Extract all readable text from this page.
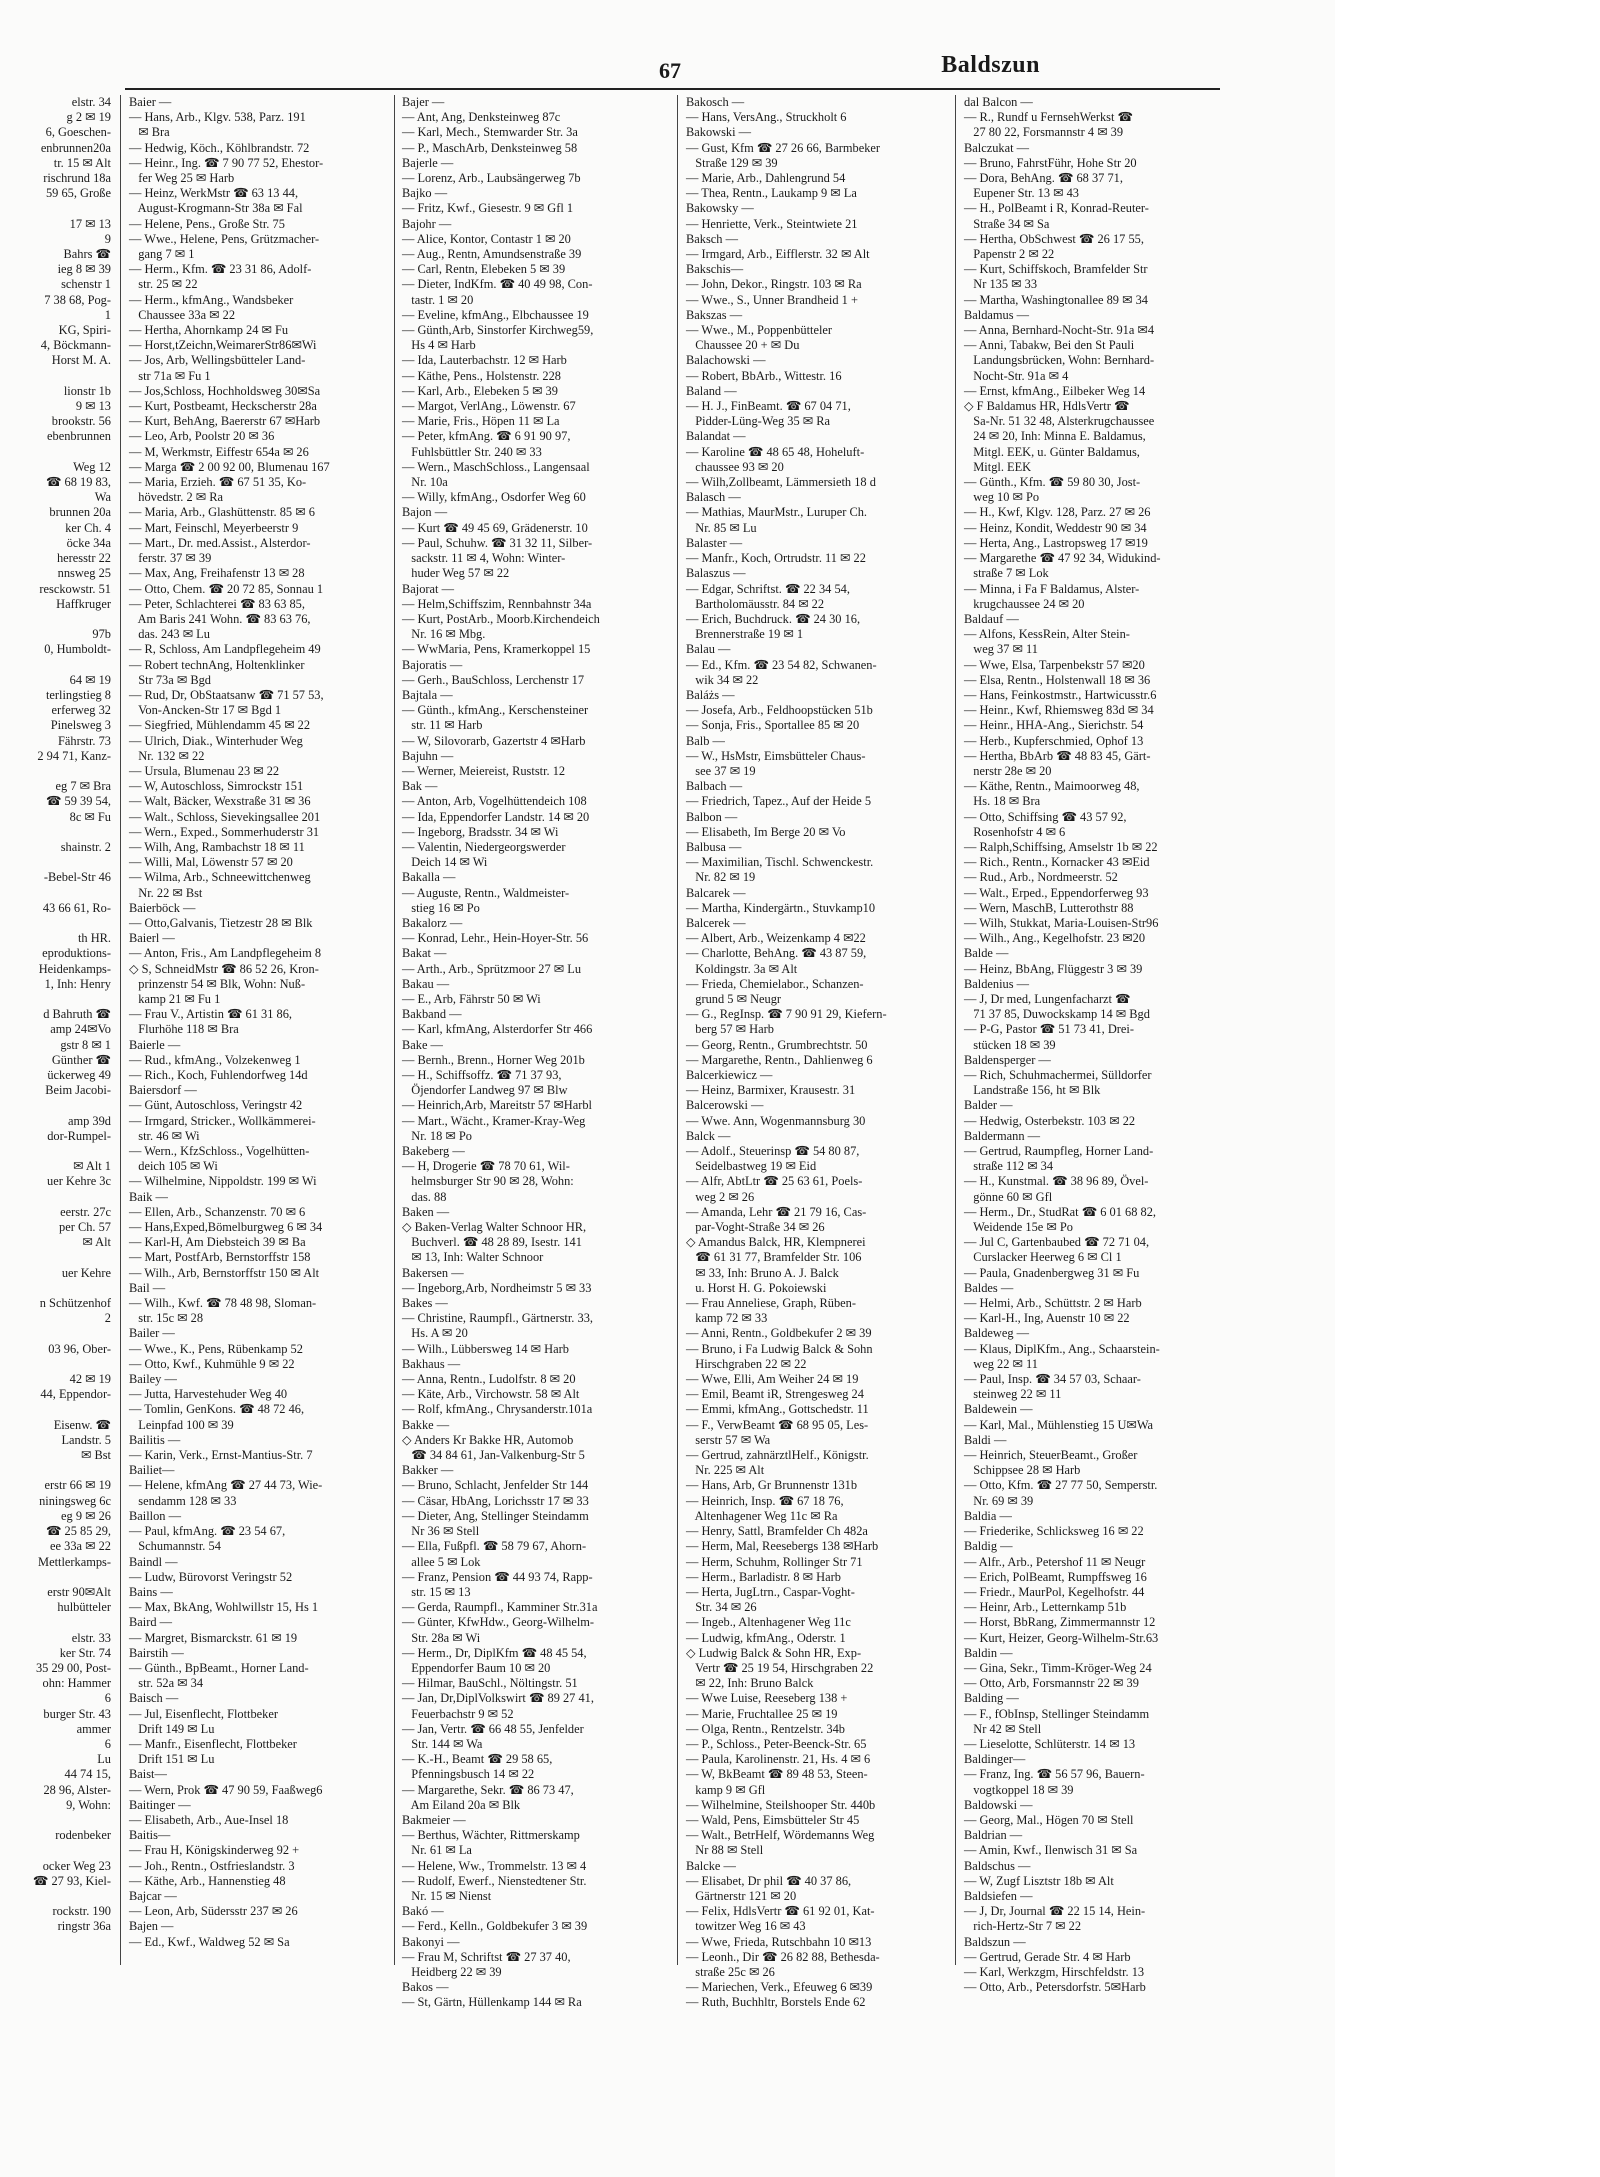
67	Baldszun
elstr. 34
g 2 ✉ 19
6, Goeschen-
enbrunnen20a
tr. 15 ✉ Alt
rischrund 18a
59 65, Große

17 ✉ 13
9
Bahrs ☎
ieg 8 ✉ 39
schenstr 1
7 38 68, Pog-
1
KG, Spiri-
4, Böckmann-
Horst M. A.

lionstr 1b
9 ✉ 13
brookstr. 56
ebenbrunnen

Weg 12
☎ 68 19 83,
Wa
brunnen 20a
ker Ch. 4
öcke 34a
heresstr 22
nnsweg 25
resckowstr. 51
Haffkruger

97b
0, Humboldt-

64 ✉ 19
terlingstieg 8
erferweg 32
Pinelsweg 3
Fährstr. 73
2 94 71, Kanz-

eg 7 ✉ Bra
☎ 59 39 54,
8c ✉ Fu

shainstr. 2

-Bebel-Str 46

43 66 61, Ro-

th HR.
eproduktions-
Heidenkamps-
1, Inh: Henry

d Bahruth ☎
amp 24✉Vo
gstr 8 ✉ 1
Günther ☎
ückerweg 49
Beim Jacobi-

amp 39d
dor-Rumpel-

✉ Alt 1
uer Kehre 3c

eerstr. 27c
per Ch. 57
✉ Alt

uer Kehre

n Schützenhof
2

03 96, Ober-

42 ✉ 19
44, Eppendor-

Eisenw. ☎
Landstr. 5
✉ Bst

erstr 66 ✉ 19
niningsweg 6c
eg 9 ✉ 26
☎ 25 85 29,
ee 33a ✉ 22
Mettlerkamps-

erstr 90✉Alt
hulbütteler

elstr. 33
ker Str. 74
35 29 00, Post-
ohn: Hammer
6
burger Str. 43
ammer
6
Lu
44 74 15,
28 96, Alster-
9, Wohn:

rodenbeker

ocker Weg 23
☎ 27 93, Kiel-

rockstr. 190
ringstr 36a
Baier —
— Hans, Arb., Klgv. 538, Parz. 191
✉ Bra
— Hedwig, Köch., Köhlbrandstr. 72
— Heinr., Ing. ☎ 7 90 77 52, Ehestor-
fer Weg 25 ✉ Harb
— Heinz, WerkMstr ☎ 63 13 44,
August-Krogmann-Str 38a ✉ Fal
— Helene, Pens., Große Str. 75
— Wwe., Helene, Pens, Grützmacher-
gang 7 ✉ 1
— Herm., Kfm. ☎ 23 31 86, Adolf-
str. 25 ✉ 22
— Herm., kfmAng., Wandsbeker
Chaussee 33a ✉ 22
— Hertha, Ahornkamp 24 ✉ Fu
— Horst,tZeichn,WeimarerStr86✉Wi
— Jos, Arb, Wellingsbütteler Land-
str 71a ✉ Fu 1
— Jos,Schloss, Hochholdsweg 30✉Sa
— Kurt, Postbeamt, Heckscherstr 28a
— Kurt, BehAng, Baererstr 67 ✉Harb
— Leo, Arb, Poolstr 20 ✉ 36
— M, Werkmstr, Eiffestr 654a ✉ 26
— Marga ☎ 2 00 92 00, Blumenau 167
— Maria, Erzieh. ☎ 67 51 35, Ko-
hövedstr. 2 ✉ Ra
— Maria, Arb., Glashüttenstr. 85 ✉ 6
— Mart, Feinschl, Meyerbeerstr 9
— Mart., Dr. med.Assist., Alsterdor-
ferstr. 37 ✉ 39
— Max, Ang, Freihafenstr 13 ✉ 28
— Otto, Chem. ☎ 20 72 85, Sonnau 1
— Peter, Schlachterei ☎ 83 63 85,
Am Baris 241 Wohn. ☎ 83 63 76,
das. 243 ✉ Lu
— R, Schloss, Am Landpflegeheim 49
— Robert technAng, Holtenklinker
Str 73a ✉ Bgd
— Rud, Dr, ObStaatsanw ☎ 71 57 53,
Von-Ancken-Str 17 ✉ Bgd 1
— Siegfried, Mühlendamm 45 ✉ 22
— Ulrich, Diak., Winterhuder Weg
Nr. 132 ✉ 22
— Ursula, Blumenau 23 ✉ 22
— W, Autoschloss, Simrockstr 151
— Walt, Bäcker, Wexstraße 31 ✉ 36
— Walt., Schloss, Sievekingsallee 201
— Wern., Exped., Sommerhuderstr 31
— Wilh, Ang, Rambachstr 18 ✉ 11
— Willi, Mal, Löwenstr 57 ✉ 20
— Wilma, Arb., Schneewittchenweg
Nr. 22 ✉ Bst
Baierböck —
— Otto,Galvanis, Tietzestr 28 ✉ Blk
Baierl —
— Anton, Fris., Am Landpflegeheim 8
◇ S, SchneidMstr ☎ 86 52 26, Kron-
prinzenstr 54 ✉ Blk, Wohn: Nuß-
kamp 21 ✉ Fu 1
— Frau V., Artistin ☎ 61 31 86,
Flurhöhe 118 ✉ Bra
Baierle —
— Rud., kfmAng., Volzekenweg 1
— Rich., Koch, Fuhlendorfweg 14d
Baiersdorf —
— Günt, Autoschloss, Veringstr 42
— Irmgard, Stricker., Wollkämmerei-
str. 46 ✉ Wi
— Wern., KfzSchloss., Vogelhütten-
deich 105 ✉ Wi
— Wilhelmine, Nippoldstr. 199 ✉ Wi
Baik —
— Ellen, Arb., Schanzenstr. 70 ✉ 6
— Hans,Exped,Bömelburgweg 6 ✉ 34
— Karl-H, Am Diebsteich 39 ✉ Ba
— Mart, PostfArb, Bernstorffstr 158
— Wilh., Arb, Bernstorffstr 150 ✉ Alt
Bail —
— Wilh., Kwf. ☎ 78 48 98, Sloman-
str. 15c ✉ 28
Bailer —
— Wwe., K., Pens, Rübenkamp 52
— Otto, Kwf., Kuhmühle 9 ✉ 22
Bailey —
— Jutta, Harvestehuder Weg 40
— Tomlin, GenKons. ☎ 48 72 46,
Leinpfad 100 ✉ 39
Bailitis —
— Karin, Verk., Ernst-Mantius-Str. 7
Bailiet—
— Helene, kfmAng ☎ 27 44 73, Wie-
sendamm 128 ✉ 33
Baillon —
— Paul, kfmAng. ☎ 23 54 67,
Schumannstr. 54
Baindl —
— Ludw, Bürovorst Veringstr 52
Bains —
— Max, BkAng, Wohlwillstr 15, Hs 1
Baird —
— Margret, Bismarckstr. 61 ✉ 19
Bairstih —
— Günth., BpBeamt., Horner Land-
str. 52a ✉ 34
Baisch —
— Jul, Eisenflecht, Flottbeker
Drift 149 ✉ Lu
— Manfr., Eisenflecht, Flottbeker
Drift 151 ✉ Lu
Baist—
— Wern, Prok ☎ 47 90 59, Faaßweg6
Baitinger —
— Elisabeth, Arb., Aue-Insel 18
Baitis—
— Frau H, Königskinderweg 92 +
— Joh., Rentn., Ostfrieslandstr. 3
— Käthe, Arb., Hannenstieg 48
Bajcar —
— Leon, Arb, Südersstr 237 ✉ 26
Bajen —
— Ed., Kwf., Waldweg 52 ✉ Sa
Bajer —
— Ant, Ang, Denksteinweg 87c
— Karl, Mech., Stemwarder Str. 3a
— P., MaschArb, Denksteinweg 58
Bajerle —
— Lorenz, Arb., Laubsängerweg 7b
Bajko —
— Fritz, Kwf., Giesestr. 9 ✉ Gfl 1
Bajohr —
— Alice, Kontor, Contastr 1 ✉ 20
— Aug., Rentn, Amundsenstraße 39
— Carl, Rentn, Elebeken 5 ✉ 39
— Dieter, IndKfm. ☎ 40 49 98, Con-
tastr. 1 ✉ 20
— Eveline, kfmAng., Elbchaussee 19
— Günth,Arb, Sinstorfer Kirchweg59,
Hs 4 ✉ Harb
— Ida, Lauterbachstr. 12 ✉ Harb
— Käthe, Pens., Holstenstr. 228
— Karl, Arb., Elebeken 5 ✉ 39
— Margot, VerlAng., Löwenstr. 67
— Marie, Fris., Höpen 11 ✉ La
— Peter, kfmAng. ☎ 6 91 90 97,
Fuhlsbüttler Str. 240 ✉ 33
— Wern., MaschSchloss., Langensaal
Nr. 10a
— Willy, kfmAng., Osdorfer Weg 60
Bajon —
— Kurt ☎ 49 45 69, Grädenerstr. 10
— Paul, Schuhw. ☎ 31 32 11, Silber-
sackstr. 11 ✉ 4, Wohn: Winter-
huder Weg 57 ✉ 22
Bajorat —
— Helm,Schiffszim, Rennbahnstr 34a
— Kurt, PostArb., Moorb.Kirchendeich
Nr. 16 ✉ Mbg.
— WwMaria, Pens, Kramerkoppel 15
Bajoratis —
— Gerh., BauSchloss, Lerchenstr 17
Bajtala —
— Günth., kfmAng., Kerschensteiner
str. 11 ✉ Harb
— W, Silovorarb, Gazertstr 4 ✉Harb
Bajuhn —
— Werner, Meiereist, Ruststr. 12
Bak —
— Anton, Arb, Vogelhüttendeich 108
— Ida, Eppendorfer Landstr. 14 ✉ 20
— Ingeborg, Bradsstr. 34 ✉ Wi
— Valentin, Niedergeorgswerder
Deich 14 ✉ Wi
Bakalla —
— Auguste, Rentn., Waldmeister-
stieg 16 ✉ Po
Bakalorz —
— Konrad, Lehr., Hein-Hoyer-Str. 56
Bakat —
— Arth., Arb., Sprützmoor 27 ✉ Lu
Bakau —
— E., Arb, Fährstr 50 ✉ Wi
Bakband —
— Karl, kfmAng, Alsterdorfer Str 466
Bake —
— Bernh., Brenn., Horner Weg 201b
— H., Schiffsoffz. ☎ 71 37 93,
Öjendorfer Landweg 97 ✉ Blw
— Heinrich,Arb, Mareitstr 57 ✉Harbl
— Mart., Wächt., Kramer-Kray-Weg
Nr. 18 ✉ Po
Bakeberg —
— H, Drogerie ☎ 78 70 61, Wil-
helmsburger Str 90 ✉ 28, Wohn:
das. 88
Baken —
◇ Baken-Verlag Walter Schnoor HR,
Buchverl. ☎ 48 28 89, Isestr. 141
✉ 13, Inh: Walter Schnoor
Bakersen —
— Ingeborg,Arb, Nordheimstr 5 ✉ 33
Bakes —
— Christine, Raumpfl., Gärtnerstr. 33,
Hs. A ✉ 20
— Wilh., Lübbersweg 14 ✉ Harb
Bakhaus —
— Anna, Rentn., Ludolfstr. 8 ✉ 20
— Käte, Arb., Virchowstr. 58 ✉ Alt
— Rolf, kfmAng., Chrysanderstr.101a
Bakke —
◇ Anders Kr Bakke HR, Automob
☎ 34 84 61, Jan-Valkenburg-Str 5
Bakker —
— Bruno, Schlacht, Jenfelder Str 144
— Cäsar, HbAng, Lorichsstr 17 ✉ 33
— Dieter, Ang, Stellinger Steindamm
Nr 36 ✉ Stell
— Ella, Fußpfl. ☎ 58 79 67, Ahorn-
allee 5 ✉ Lok
— Franz, Pension ☎ 44 93 74, Rapp-
str. 15 ✉ 13
— Gerda, Raumpfl., Kamminer Str.31a
— Günter, KfwHdw., Georg-Wilhelm-
Str. 28a ✉ Wi
— Herm., Dr, DiplKfm ☎ 48 45 54,
Eppendorfer Baum 10 ✉ 20
— Hilmar, BauSchl., Nöltingstr. 51
— Jan, Dr,DiplVolkswirt ☎ 89 27 41,
Feuerbachstr 9 ✉ 52
— Jan, Vertr. ☎ 66 48 55, Jenfelder
Str. 144 ✉ Wa
— K.-H., Beamt ☎ 29 58 65,
Pfenningsbusch 14 ✉ 22
— Margarethe, Sekr. ☎ 86 73 47,
Am Eiland 20a ✉ Blk
Bakmeier —
— Berthus, Wächter, Rittmerskamp
Nr. 61 ✉ La
— Helene, Ww., Trommelstr. 13 ✉ 4
— Rudolf, Ewerf., Nienstedtener Str.
Nr. 15 ✉ Nienst
Bakó —
— Ferd., Kelln., Goldbekufer 3 ✉ 39
Bakonyi —
— Frau M, Schriftst ☎ 27 37 40,
Heidberg 22 ✉ 39
Bakos —
— St, Gärtn, Hüllenkamp 144 ✉ Ra
Bakosch —
— Hans, VersAng., Struckholt 6
Bakowski —
— Gust, Kfm ☎ 27 26 66, Barmbeker
Straße 129 ✉ 39
— Marie, Arb., Dahlengrund 54
— Thea, Rentn., Laukamp 9 ✉ La
Bakowsky —
— Henriette, Verk., Steintwiete 21
Baksch —
— Irmgard, Arb., Eifflerstr. 32 ✉ Alt
Bakschis—
— John, Dekor., Ringstr. 103 ✉ Ra
— Wwe., S., Unner Brandheid 1 +
Bakszas —
— Wwe., M., Poppenbütteler
Chaussee 20 + ✉ Du
Balachowski —
— Robert, BbArb., Wittestr. 16
Baland —
— H. J., FinBeamt. ☎ 67 04 71,
Pidder-Lüng-Weg 35 ✉ Ra
Balandat —
— Karoline ☎ 48 65 48, Hoheluft-
chaussee 93 ✉ 20
— Wilh,Zollbeamt, Lämmersieth 18 d
Balasch —
— Mathias, MaurMstr., Luruper Ch.
Nr. 85 ✉ Lu
Balaster —
— Manfr., Koch, Ortrudstr. 11 ✉ 22
Balaszus —
— Edgar, Schriftst. ☎ 22 34 54,
Bartholomäusstr. 84 ✉ 22
— Erich, Buchdruck. ☎ 24 30 16,
Brennerstraße 19 ✉ 1
Balau —
— Ed., Kfm. ☎ 23 54 82, Schwanen-
wik 34 ✉ 22
Baláżs —
— Josefa, Arb., Feldhoopstücken 51b
— Sonja, Fris., Sportallee 85 ✉ 20
Balb —
— W., HsMstr, Eimsbütteler Chaus-
see 37 ✉ 19
Balbach —
— Friedrich, Tapez., Auf der Heide 5
Balbon —
— Elisabeth, Im Berge 20 ✉ Vo
Balbusa —
— Maximilian, Tischl. Schwenckestr.
Nr. 82 ✉ 19
Balcarek —
— Martha, Kindergärtn., Stuvkamp10
Balcerek —
— Albert, Arb., Weizenkamp 4 ✉22
— Charlotte, BehAng. ☎ 43 87 59,
Koldingstr. 3a ✉ Alt
— Frieda, Chemielabor., Schanzen-
grund 5 ✉ Neugr
— G., RegInsp. ☎ 7 90 91 29, Kiefern-
berg 57 ✉ Harb
— Georg, Rentn., Grumbrechtstr. 50
— Margarethe, Rentn., Dahlienweg 6
Balcerkiewicz —
— Heinz, Barmixer, Krausestr. 31
Balcerowski —
— Wwe. Ann, Wogenmannsburg 30
Balck —
— Adolf., Steuerinsp ☎ 54 80 87,
Seidelbastweg 19 ✉ Eid
— Alfr, AbtLtr ☎ 25 63 61, Poels-
weg 2 ✉ 26
— Amanda, Lehr ☎ 21 79 16, Cas-
par-Voght-Straße 34 ✉ 26
◇ Amandus Balck, HR, Klempnerei
☎ 61 31 77, Bramfelder Str. 106
✉ 33, Inh: Bruno A. J. Balck
u. Horst H. G. Pokoiewski
— Frau Anneliese, Graph, Rüben-
kamp 72 ✉ 33
— Anni, Rentn., Goldbekufer 2 ✉ 39
— Bruno, i Fa Ludwig Balck & Sohn
Hirschgraben 22 ✉ 22
— Wwe, Elli, Am Weiher 24 ✉ 19
— Emil, Beamt iR, Strengesweg 24
— Emmi, kfmAng., Gottschedstr. 11
— F., VerwBeamt ☎ 68 95 05, Les-
serstr 57 ✉ Wa
— Gertrud, zahnärztlHelf., Königstr.
Nr. 225 ✉ Alt
— Hans, Arb, Gr Brunnenstr 131b
— Heinrich, Insp. ☎ 67 18 76,
Altenhagener Weg 11c ✉ Ra
— Henry, Sattl, Bramfelder Ch 482a
— Herm, Mal, Reesebergs 138 ✉Harb
— Herm, Schuhm, Rollinger Str 71
— Herm., Barladistr. 8 ✉ Harb
— Herta, JugLtrn., Caspar-Voght-
Str. 34 ✉ 26
— Ingeb., Altenhagener Weg 11c
— Ludwig, kfmAng., Oderstr. 1
◇ Ludwig Balck & Sohn HR, Exp-
Vertr ☎ 25 19 54, Hirschgraben 22
✉ 22, Inh: Bruno Balck
— Wwe Luise, Reeseberg 138 +
— Marie, Fruchtallee 25 ✉ 19
— Olga, Rentn., Rentzelstr. 34b
— P., Schloss., Peter-Beenck-Str. 65
— Paula, Karolinenstr. 21, Hs. 4 ✉ 6
— W, BkBeamt ☎ 89 48 53, Steen-
kamp 9 ✉ Gfl
— Wilhelmine, Steilshooper Str. 440b
— Wald, Pens, Eimsbütteler Str 45
— Walt., BetrHelf, Wördemanns Weg
Nr 88 ✉ Stell
Balcke —
— Elisabet, Dr phil ☎ 40 37 86,
Gärtnerstr 121 ✉ 20
— Felix, HdlsVertr ☎ 61 92 01, Kat-
towitzer Weg 16 ✉ 43
— Wwe, Frieda, Rutschbahn 10 ✉13
— Leonh., Dir ☎ 26 82 88, Bethesda-
straße 25c ✉ 26
— Mariechen, Verk., Efeuweg 6 ✉39
— Ruth, Buchhltr, Borstels Ende 62
dal Balcon —
— R., Rundf u FernsehWerkst ☎
27 80 22, Forsmannstr 4 ✉ 39
Balczukat —
— Bruno, FahrstFühr, Hohe Str 20
— Dora, BehAng. ☎ 68 37 71,
Eupener Str. 13 ✉ 43
— H., PolBeamt i R, Konrad-Reuter-
Straße 34 ✉ Sa
— Hertha, ObSchwest ☎ 26 17 55,
Papenstr 2 ✉ 22
— Kurt, Schiffskoch, Bramfelder Str
Nr 135 ✉ 33
— Martha, Washingtonallee 89 ✉ 34
Baldamus —
— Anna, Bernhard-Nocht-Str. 91a ✉4
— Anni, Tabakw, Bei den St Pauli
Landungsbrücken, Wohn: Bernhard-
Nocht-Str. 91a ✉ 4
— Ernst, kfmAng., Eilbeker Weg 14
◇ F Baldamus HR, HdlsVertr ☎
Sa-Nr. 51 32 48, Alsterkrugchaussee
24 ✉ 20, Inh: Minna E. Baldamus,
Mitgl. EEK, u. Günter Baldamus,
Mitgl. EEK
— Günth., Kfm. ☎ 59 80 30, Jost-
weg 10 ✉ Po
— H., Kwf, Klgv. 128, Parz. 27 ✉ 26
— Heinz, Kondit, Weddestr 90 ✉ 34
— Herta, Ang., Lastropsweg 17 ✉19
— Margarethe ☎ 47 92 34, Widukind-
straße 7 ✉ Lok
— Minna, i Fa F Baldamus, Alster-
krugchaussee 24 ✉ 20
Baldauf —
— Alfons, KessRein, Alter Stein-
weg 37 ✉ 11
— Wwe, Elsa, Tarpenbekstr 57 ✉20
— Elsa, Rentn., Holstenwall 18 ✉ 36
— Hans, Feinkostmstr., Hartwicusstr.6
— Heinr., Kwf, Rhiemsweg 83d ✉ 34
— Heinr., HHA-Ang., Sierichstr. 54
— Herb., Kupferschmied, Ophof 13
— Hertha, BbArb ☎ 48 83 45, Gärt-
nerstr 28e ✉ 20
— Käthe, Rentn., Maimoorweg 48,
Hs. 18 ✉ Bra
— Otto, Schiffsing ☎ 43 57 92,
Rosenhofstr 4 ✉ 6
— Ralph,Schiffsing, Amselstr 1b ✉ 22
— Rich., Rentn., Kornacker 43 ✉Eid
— Rud., Arb., Nordmeerstr. 52
— Walt., Erped., Eppendorferweg 93
— Wern, MaschB, Lutterothstr 88
— Wilh, Stukkat, Maria-Louisen-Str96
— Wilh., Ang., Kegelhofstr. 23 ✉20
Balde —
— Heinz, BbAng, Flüggestr 3 ✉ 39
Baldenius —
— J, Dr med, Lungenfacharzt ☎
71 37 85, Duwockskamp 14 ✉ Bgd
— P-G, Pastor ☎ 51 73 41, Drei-
stücken 18 ✉ 39
Baldensperger —
— Rich, Schuhmachermei, Sülldorfer
Landstraße 156, ht ✉ Blk
Balder —
— Hedwig, Osterbekstr. 103 ✉ 22
Baldermann —
— Gertrud, Raumpfleg, Horner Land-
straße 112 ✉ 34
— H., Kunstmal. ☎ 38 96 89, Övel-
gönne 60 ✉ Gfl
— Herm., Dr., StudRat ☎ 6 01 68 82,
Weidende 15e ✉ Po
— Jul C, Gartenbaubed ☎ 72 71 04,
Curslacker Heerweg 6 ✉ Cl 1
— Paula, Gnadenbergweg 31 ✉ Fu
Baldes —
— Helmi, Arb., Schüttstr. 2 ✉ Harb
— Karl-H., Ing, Auenstr 10 ✉ 22
Baldeweg —
— Klaus, DiplKfm., Ang., Schaarstein-
weg 22 ✉ 11
— Paul, Insp. ☎ 34 57 03, Schaar-
steinweg 22 ✉ 11
Baldewein —
— Karl, Mal., Mühlenstieg 15 U✉Wa
Baldi —
— Heinrich, SteuerBeamt., Großer
Schippsee 28 ✉ Harb
— Otto, Kfm. ☎ 27 77 50, Semperstr.
Nr. 69 ✉ 39
Baldia —
— Friederike, Schlicksweg 16 ✉ 22
Baldig —
— Alfr., Arb., Petershof 11 ✉ Neugr
— Erich, PolBeamt, Rumpffsweg 16
— Friedr., MaurPol, Kegelhofstr. 44
— Heinr, Arb., Letternkamp 51b
— Horst, BbRang, Zimmermannstr 12
— Kurt, Heizer, Georg-Wilhelm-Str.63
Baldin —
— Gina, Sekr., Timm-Kröger-Weg 24
— Otto, Arb, Forsmannstr 22 ✉ 39
Balding —
— F., fObInsp, Stellinger Steindamm
Nr 42 ✉ Stell
— Lieselotte, Schlüterstr. 14 ✉ 13
Baldinger—
— Franz, Ing. ☎ 56 57 96, Bauern-
vogtkoppel 18 ✉ 39
Baldowski —
— Georg, Mal., Högen 70 ✉ Stell
Baldrian —
— Amin, Kwf., Ilenwisch 31 ✉ Sa
Baldschus —
— W, Zugf Lisztstr 18b ✉ Alt
Baldsiefen —
— J, Dr, Journal ☎ 22 15 14, Hein-
rich-Hertz-Str 7 ✉ 22
Baldszun —
— Gertrud, Gerade Str. 4 ✉ Harb
— Karl, Werkzgm, Hirschfeldstr. 13
— Otto, Arb., Petersdorfstr. 5✉Harb
